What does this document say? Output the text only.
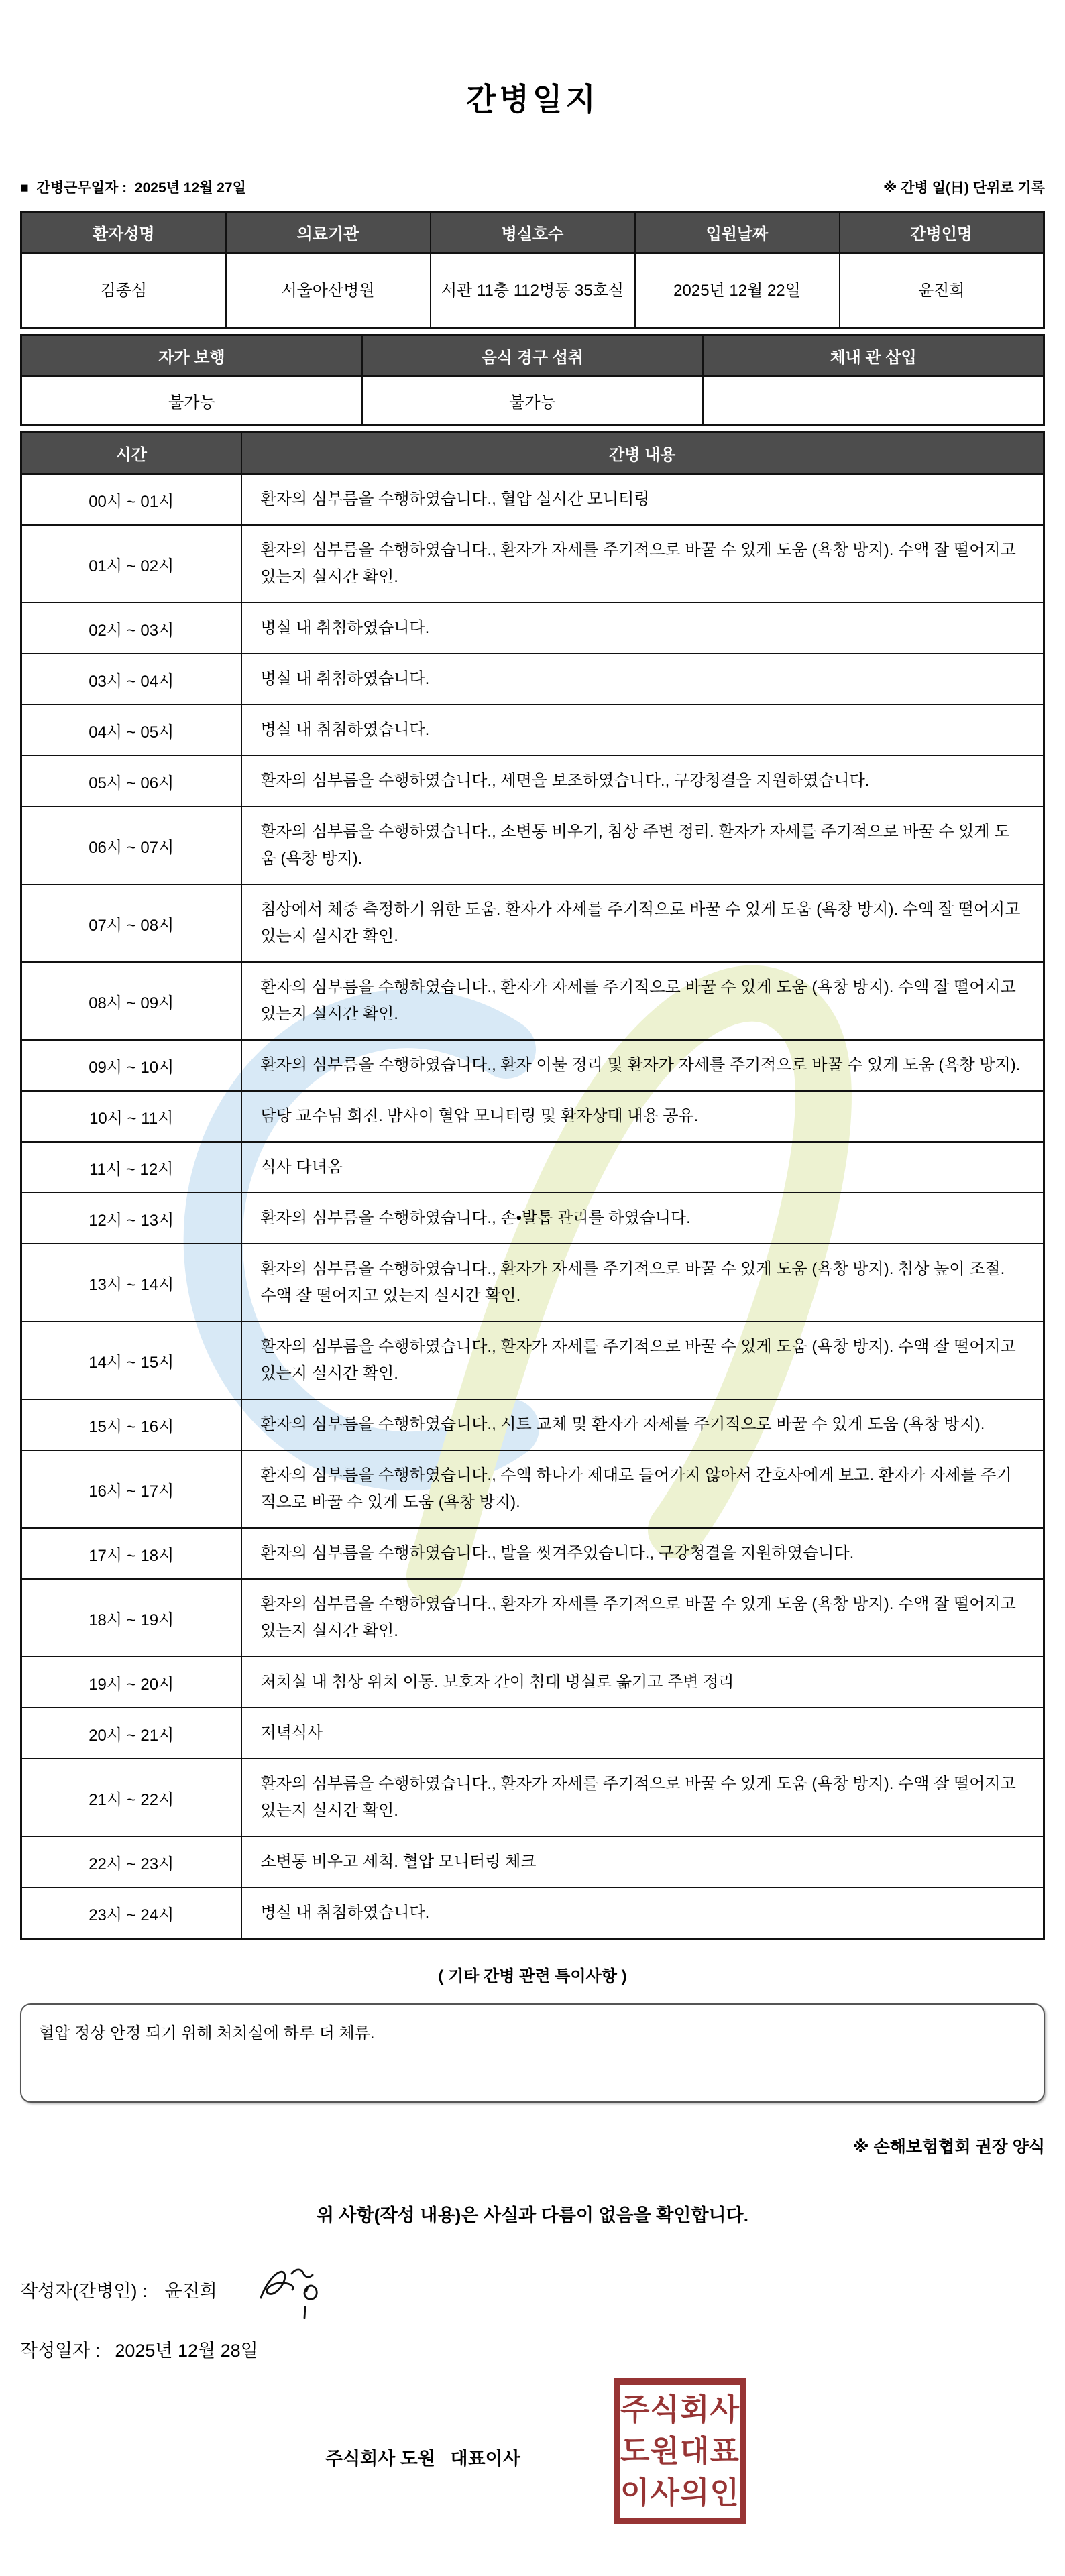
간병일지
■ 간병근무일자 : 2025년 12월 27일	※ 간병 일(日) 단위로 기록
환자성명	의료기관	병실호수	입원날짜	간병인명
김종심	서울아산병원	서관 11층 112병동 35호실	2025년 12월 22일	윤진희
자가 보행	음식 경구 섭취	체내 관 삽입
불가능	불가능	
시간	간병 내용
00시 ~ 01시	환자의 심부름을 수행하였습니다., 혈압 실시간 모니터링
01시 ~ 02시	환자의 심부름을 수행하였습니다., 환자가 자세를 주기적으로 바꿀 수 있게 도움 (욕창 방지). 수액 잘 떨어지고 있는지 실시간 확인.
02시 ~ 03시	병실 내 취침하였습니다.
03시 ~ 04시	병실 내 취침하였습니다.
04시 ~ 05시	병실 내 취침하였습니다.
05시 ~ 06시	환자의 심부름을 수행하였습니다., 세면을 보조하였습니다., 구강청결을 지원하였습니다.
06시 ~ 07시	환자의 심부름을 수행하였습니다., 소변통 비우기, 침상 주변 정리. 환자가 자세를 주기적으로 바꿀 수 있게 도움 (욕창 방지).
07시 ~ 08시	침상에서 체중 측정하기 위한 도움. 환자가 자세를 주기적으로 바꿀 수 있게 도움 (욕창 방지). 수액 잘 떨어지고 있는지 실시간 확인.
08시 ~ 09시	환자의 심부름을 수행하였습니다., 환자가 자세를 주기적으로 바꿀 수 있게 도움 (욕창 방지). 수액 잘 떨어지고 있는지 실시간 확인.
09시 ~ 10시	환자의 심부름을 수행하였습니다., 환자 이불 정리 및 환자가 자세를 주기적으로 바꿀 수 있게 도움 (욕창 방지).
10시 ~ 11시	담당 교수님 회진. 밤사이 혈압 모니터링 및 환자상태 내용 공유.
11시 ~ 12시	식사 다녀옴
12시 ~ 13시	환자의 심부름을 수행하였습니다., 손•발톱 관리를 하였습니다.
13시 ~ 14시	환자의 심부름을 수행하였습니다., 환자가 자세를 주기적으로 바꿀 수 있게 도움 (욕창 방지). 침상 높이 조절. 수액 잘 떨어지고 있는지 실시간 확인.
14시 ~ 15시	환자의 심부름을 수행하였습니다., 환자가 자세를 주기적으로 바꿀 수 있게 도움 (욕창 방지). 수액 잘 떨어지고 있는지 실시간 확인.
15시 ~ 16시	환자의 심부름을 수행하였습니다., 시트 교체 및 환자가 자세를 주기적으로 바꿀 수 있게 도움 (욕창 방지).
16시 ~ 17시	환자의 심부름을 수행하였습니다., 수액 하나가 제대로 들어가지 않아서 간호사에게 보고. 환자가 자세를 주기적으로 바꿀 수 있게 도움 (욕창 방지).
17시 ~ 18시	환자의 심부름을 수행하였습니다., 발을 씻겨주었습니다., 구강청결을 지원하였습니다.
18시 ~ 19시	환자의 심부름을 수행하였습니다., 환자가 자세를 주기적으로 바꿀 수 있게 도움 (욕창 방지). 수액 잘 떨어지고 있는지 실시간 확인.
19시 ~ 20시	처치실 내 침상 위치 이동. 보호자 간이 침대 병실로 옮기고 주변 정리
20시 ~ 21시	저녁식사
21시 ~ 22시	환자의 심부름을 수행하였습니다., 환자가 자세를 주기적으로 바꿀 수 있게 도움 (욕창 방지). 수액 잘 떨어지고 있는지 실시간 확인.
22시 ~ 23시	소변통 비우고 세척. 혈압 모니터링 체크
23시 ~ 24시	병실 내 취침하였습니다.
( 기타 간병 관련 특이사항 )
혈압 정상 안정 되기 위해 처치실에 하루 더 체류.
※ 손해보험협회 권장 양식
위 사항(작성 내용)은 사실과 다름이 없음을 확인합니다.
작성자(간병인) : 윤진희
작성일자 : 2025년 12월 28일
주식회사 도원   대표이사
주식회사
도원대표
이사의인
